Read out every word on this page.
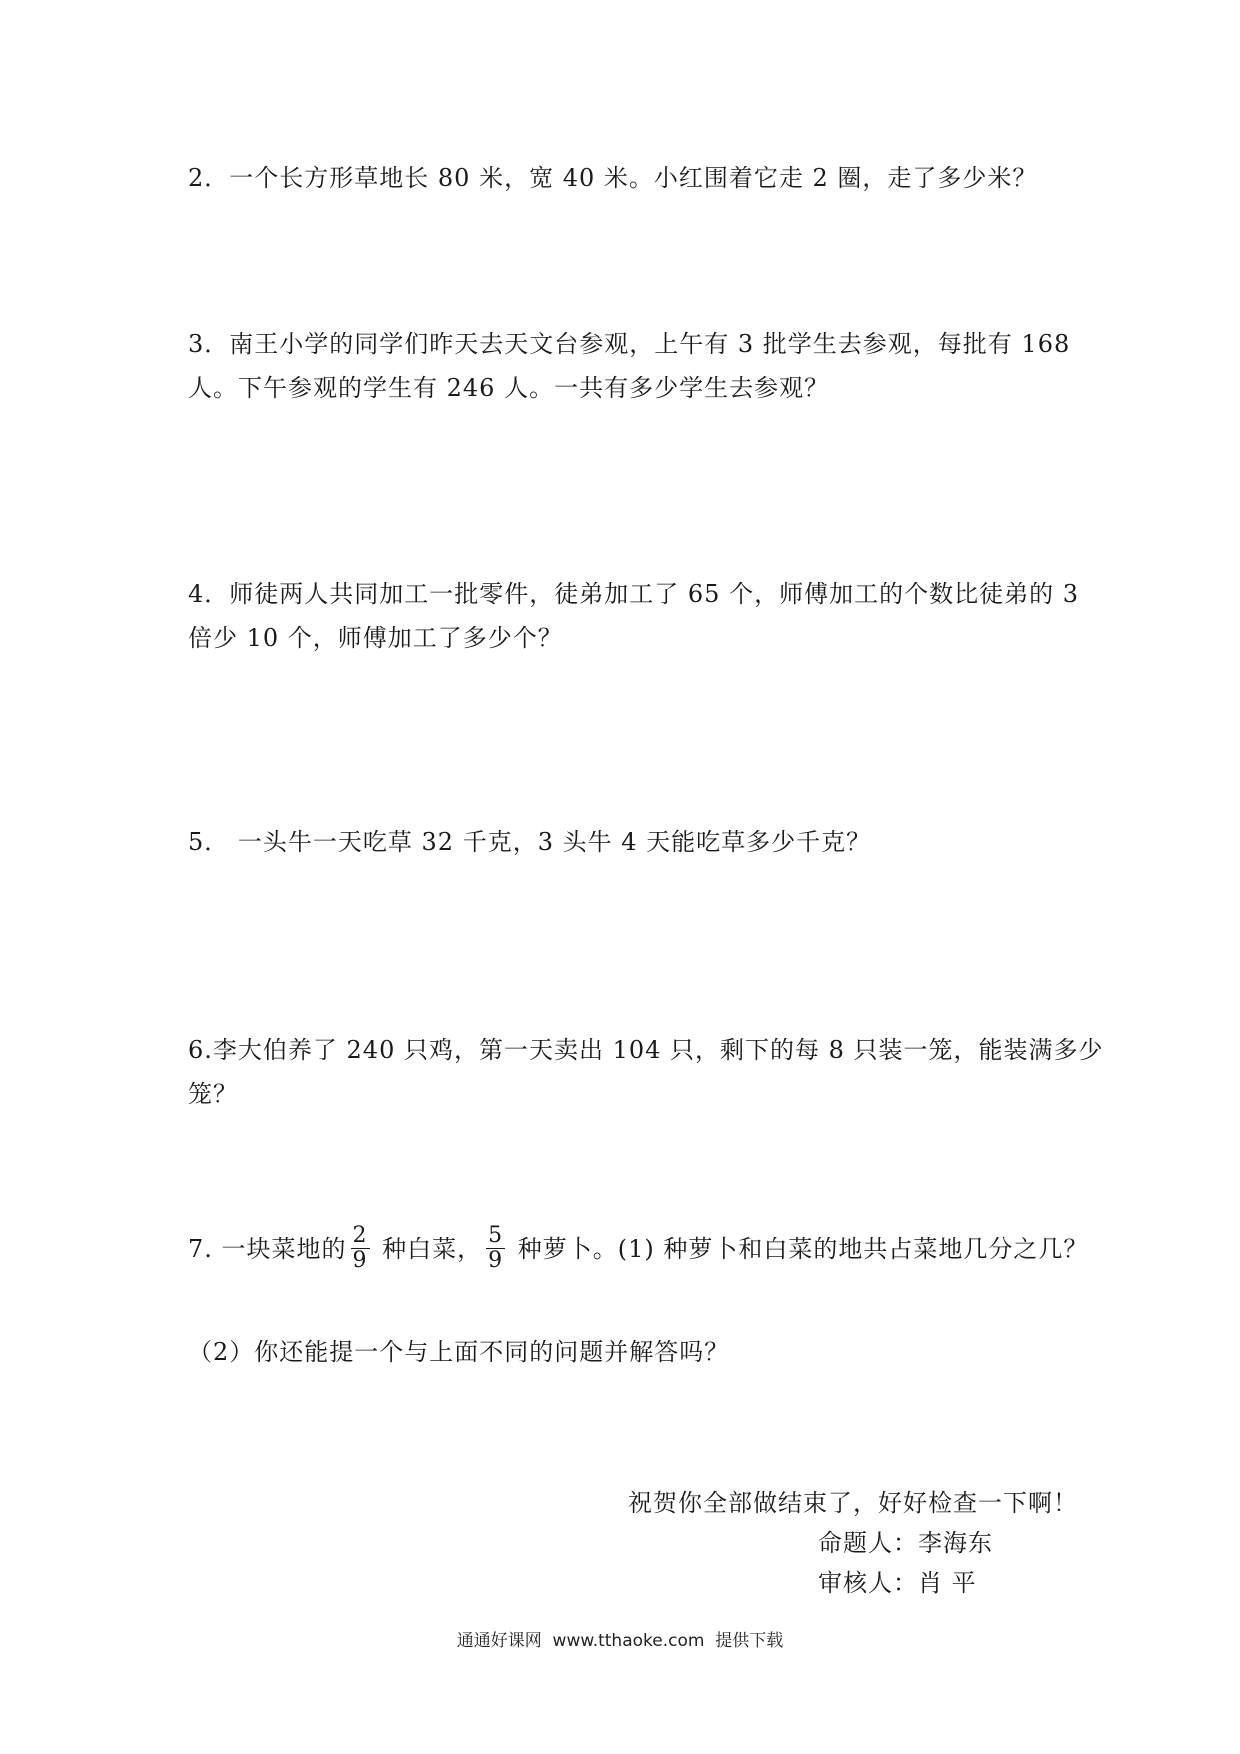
2．一个长方形草地长 80 米，宽 40 米。小红围着它走 2 圈，走了多少米？

3．南王小学的同学们昨天去天文台参观，上午有 3 批学生去参观，每批有 168

人。下午参观的学生有 246 人。一共有多少学生去参观？

4．师徒两人共同加工一批零件，徒弟加工了 65 个，师傅加工的个数比徒弟的 3

倍少 10 个，师傅加工了多少个？

5． 一头牛一天吃草 32 千克，3 头牛 4 天能吃草多少千克？

6.李大伯养了 240 只鸡，第一天卖出 104 只，剩下的每 8 只装一笼，能装满多少

笼？

7. 一块菜地的 $\frac{2}{9}$ 种白菜， $\frac{5}{9}$ 种萝卜。(1) 种萝卜和白菜的地共占菜地几分之几？

（2）你还能提一个与上面不同的问题并解答吗？

祝贺你全部做结束了，好好检查一下啊！
命题人：李海东
审核人：肖 平
通通好课网  www.tthaoke.com  提供下载
